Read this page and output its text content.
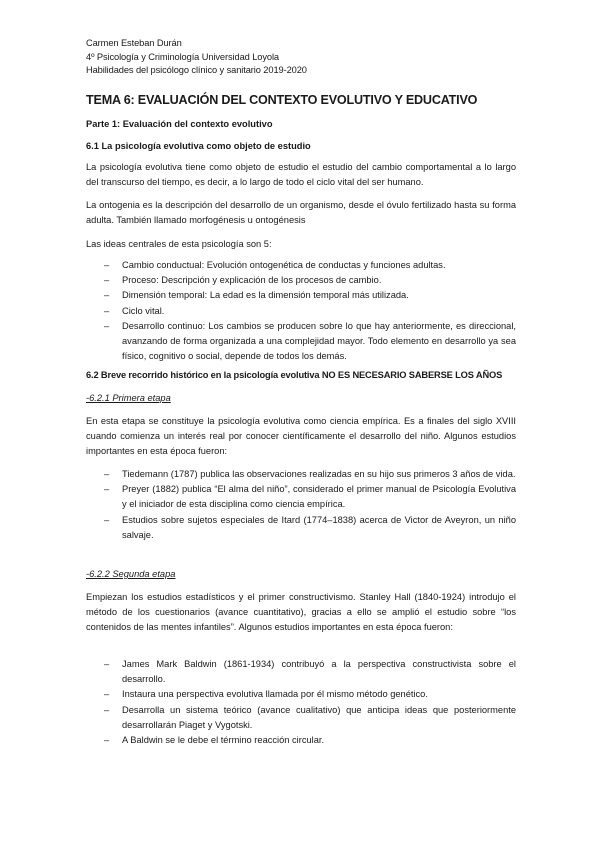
Carmen Esteban Durán
4º Psicología y Criminología Universidad Loyola
Habilidades del psicólogo clínico y sanitario 2019-2020
TEMA 6: EVALUACIÓN DEL CONTEXTO EVOLUTIVO Y EDUCATIVO
Parte 1: Evaluación del contexto evolutivo
6.1 La psicología evolutiva como objeto de estudio
La psicología evolutiva tiene como objeto de estudio el estudio del cambio comportamental a lo largo del transcurso del tiempo, es decir, a lo largo de todo el ciclo vital del ser humano.
La ontogenia es la descripción del desarrollo de un organismo, desde el óvulo fertilizado hasta su forma adulta. También llamado morfogénesis u ontogénesis
Las ideas centrales de esta psicología son 5:
– Cambio conductual: Evolución ontogenética de conductas y funciones adultas.
– Proceso: Descripción y explicación de los procesos de cambio.
– Dimensión temporal: La edad es la dimensión temporal más utilizada.
– Ciclo vital.
– Desarrollo continuo: Los cambios se producen sobre lo que hay anteriormente, es direccional, avanzando de forma organizada a una complejidad mayor. Todo elemento en desarrollo ya sea físico, cognitivo o social, depende de todos los demás.
6.2 Breve recorrido histórico en la psicología evolutiva NO ES NECESARIO SABERSE LOS AÑOS
-6.2.1 Primera etapa
En esta etapa se constituye la psicología evolutiva como ciencia empírica. Es a finales del siglo XVIII cuando comienza un interés real por conocer científicamente el desarrollo del niño. Algunos estudios importantes en esta época fueron:
– Tiedemann (1787) publica las observaciones realizadas en su hijo sus primeros 3 años de vida.
– Preyer (1882) publica “El alma del niño”, considerado el primer manual de Psicología Evolutiva y el iniciador de esta disciplina como ciencia empírica.
– Estudios sobre sujetos especiales de Itard (1774–1838) acerca de Victor de Aveyron, un niño salvaje.
-6.2.2 Segunda etapa
Empiezan los estudios estadísticos y el primer constructivismo. Stanley Hall (1840-1924) introdujo el método de los cuestionarios (avance cuantitativo), gracias a ello se amplió el estudio sobre “los contenidos de las mentes infantiles”. Algunos estudios importantes en esta época fueron:
– James Mark Baldwin (1861-1934) contribuyó a la perspectiva constructivista sobre el desarrollo.
– Instaura una perspectiva evolutiva llamada por él mismo método genético.
– Desarrolla un sistema teórico (avance cualitativo) que anticipa ideas que posteriormente desarrollarán Piaget y Vygotski.
– A Baldwin se le debe el término reacción circular.
